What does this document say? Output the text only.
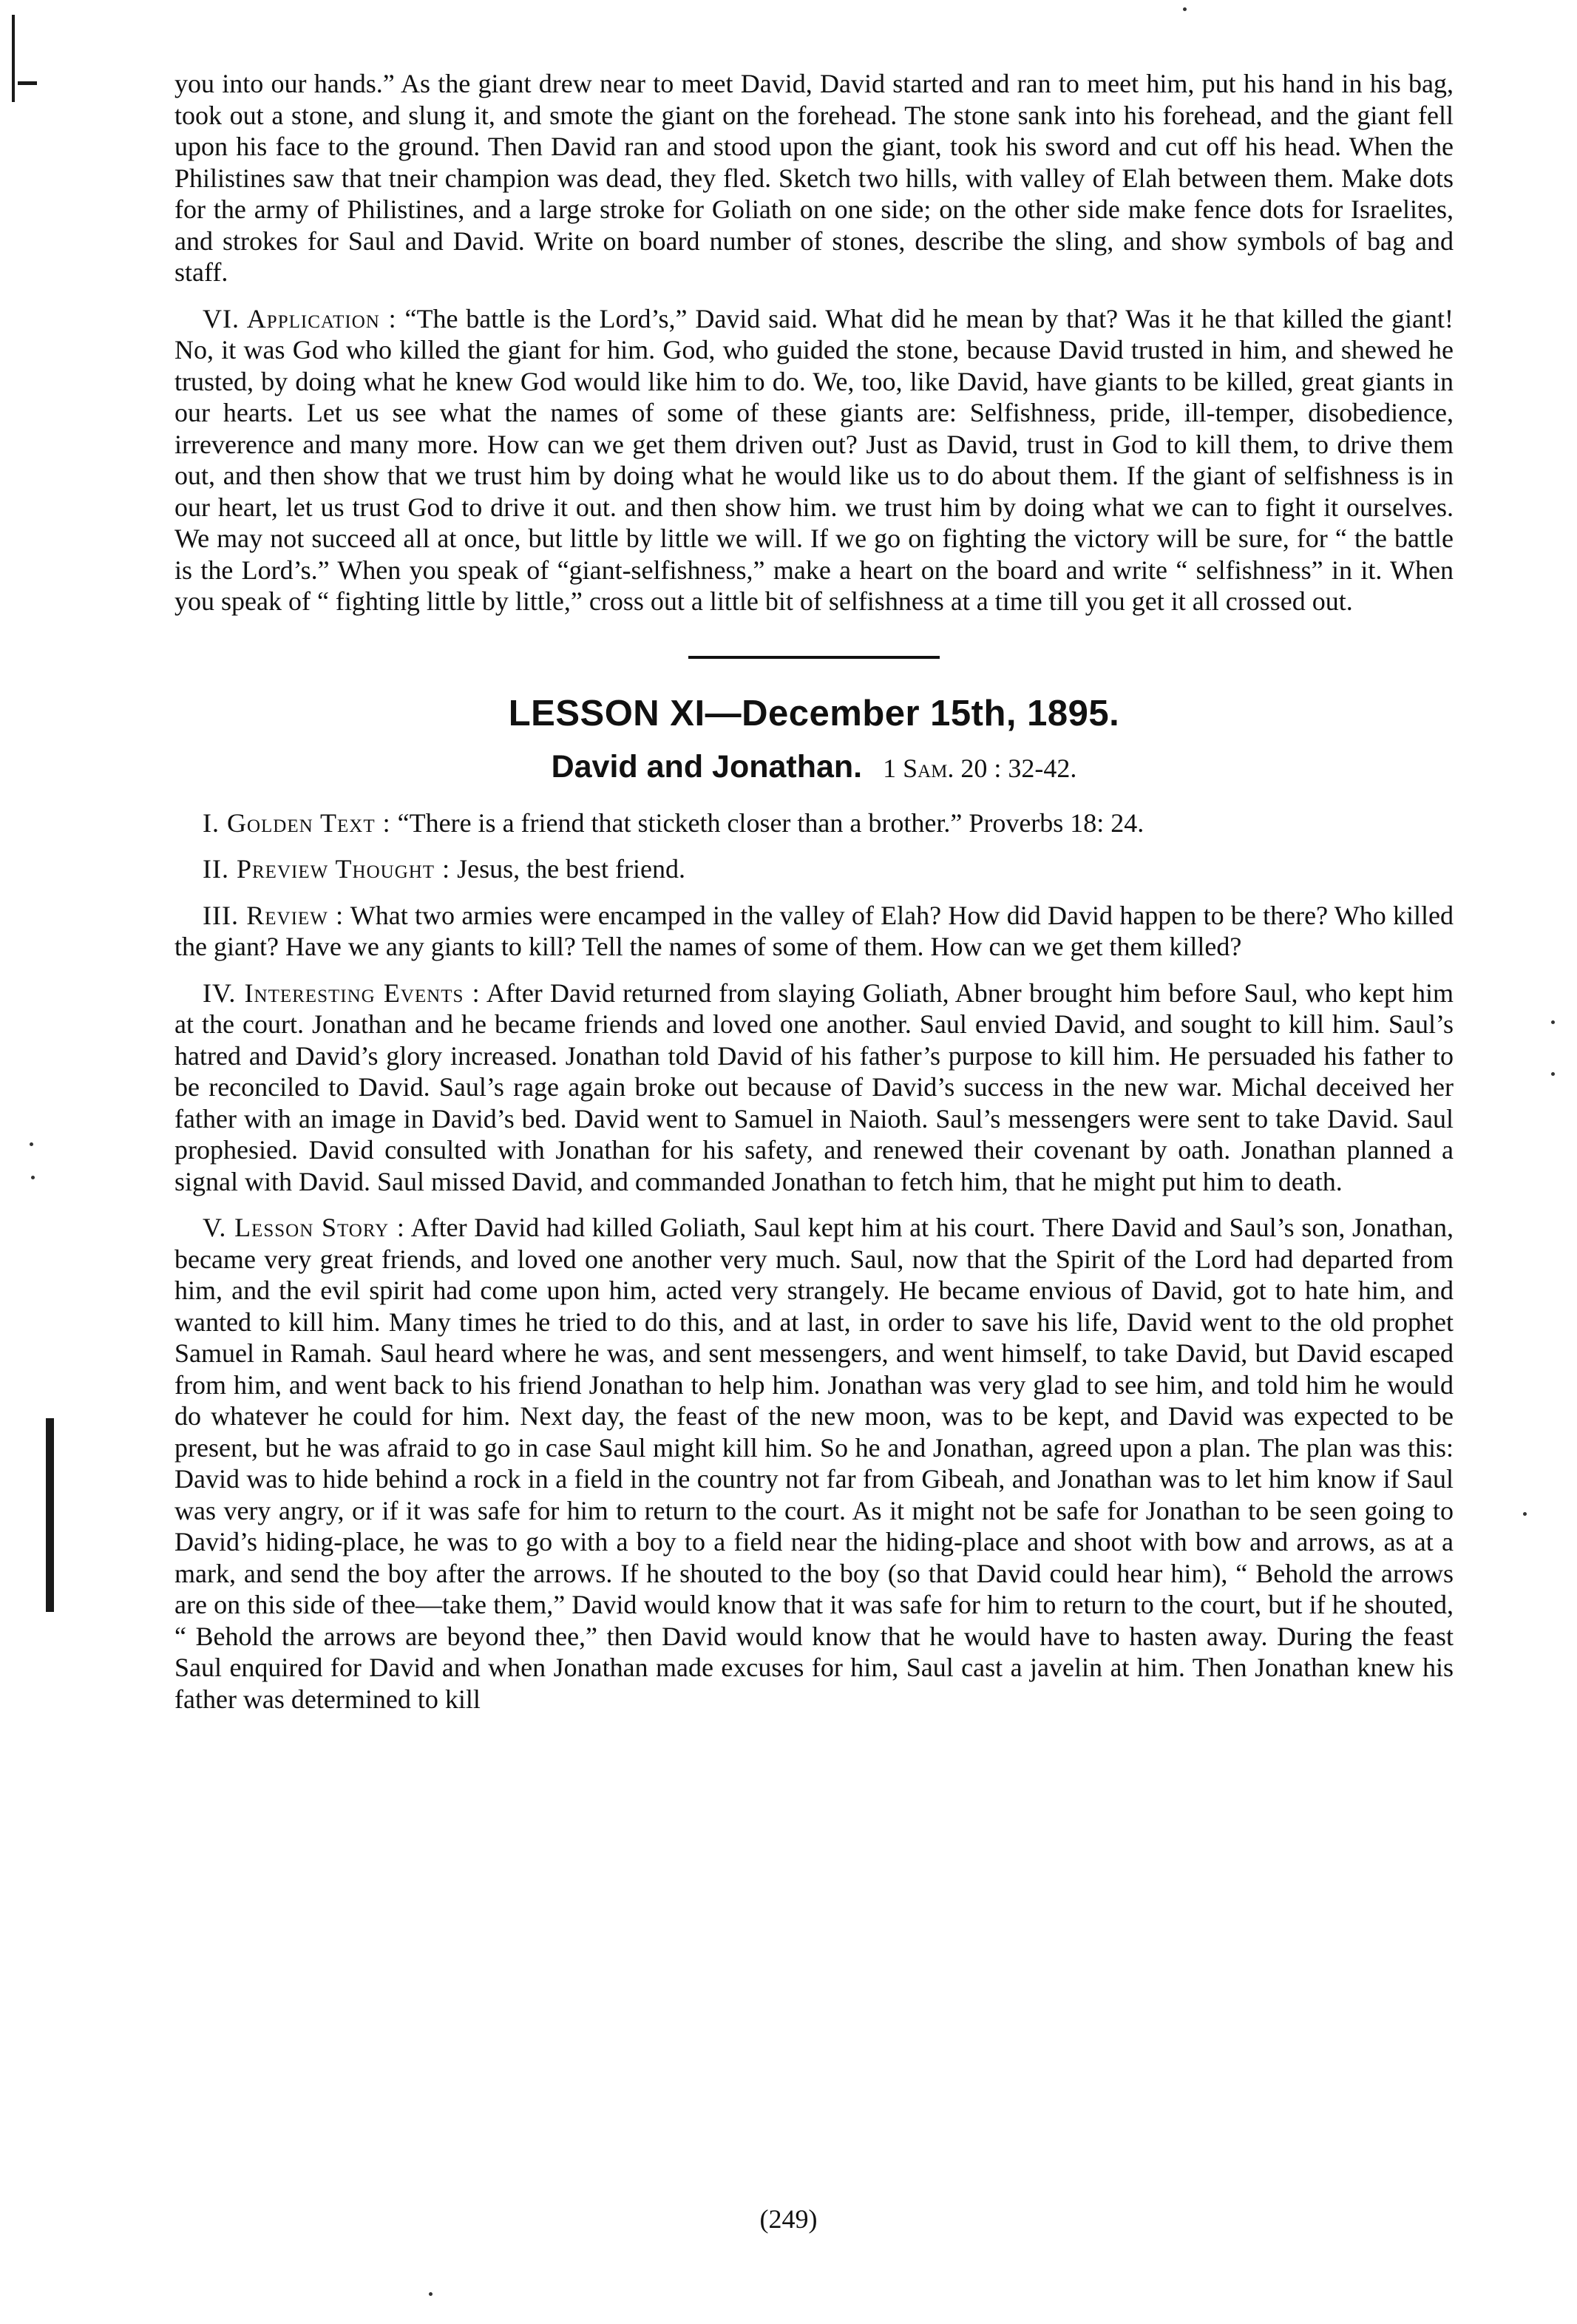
you into our hands.” As the giant drew near to meet David, David started and ran to meet him, put his hand in his bag, took out a stone, and slung it, and smote the giant on the forehead. The stone sank into his forehead, and the giant fell upon his face to the ground. Then David ran and stood upon the giant, took his sword and cut off his head. When the Philistines saw that tneir champion was dead, they fled. Sketch two hills, with valley of Elah between them. Make dots for the army of Philistines, and a large stroke for Goliath on one side; on the other side make fence dots for Israelites, and strokes for Saul and David. Write on board number of stones, describe the sling, and show symbols of bag and staff.

VI. Application : “The battle is the Lord’s,” David said. What did he mean by that? Was it he that killed the giant! No, it was God who killed the giant for him. God, who guided the stone, because David trusted in him, and shewed he trusted, by doing what he knew God would like him to do. We, too, like David, have giants to be killed, great giants in our hearts. Let us see what the names of some of these giants are: Selfishness, pride, ill-temper, disobedience, irreverence and many more. How can we get them driven out? Just as David, trust in God to kill them, to drive them out, and then show that we trust him by doing what he would like us to do about them. If the giant of selfishness is in our heart, let us trust God to drive it out. and then show him. we trust him by doing what we can to fight it ourselves. We may not succeed all at once, but little by little we will. If we go on fighting the victory will be sure, for “ the battle is the Lord’s.” When you speak of “giant-selfishness,” make a heart on the board and write “ selfishness” in it. When you speak of “ fighting little by little,” cross out a little bit of selfishness at a time till you get it all crossed out.

LESSON XI—December 15th, 1895.
David and Jonathan. 1 Sam. 20 : 32-42.

I. Golden Text : “There is a friend that sticketh closer than a brother.” Proverbs 18: 24.

II. Preview Thought : Jesus, the best friend.

III. Review : What two armies were encamped in the valley of Elah? How did David happen to be there? Who killed the giant? Have we any giants to kill? Tell the names of some of them. How can we get them killed?

IV. Interesting Events : After David returned from slaying Goliath, Abner brought him before Saul, who kept him at the court. Jonathan and he became friends and loved one another. Saul envied David, and sought to kill him. Saul’s hatred and David’s glory increased. Jonathan told David of his father’s purpose to kill him. He persuaded his father to be reconciled to David. Saul’s rage again broke out because of David’s success in the new war. Michal deceived her father with an image in David’s bed. David went to Samuel in Naioth. Saul’s messengers were sent to take David. Saul prophesied. David consulted with Jonathan for his safety, and renewed their covenant by oath. Jonathan planned a signal with David. Saul missed David, and commanded Jonathan to fetch him, that he might put him to death.

V. Lesson Story : After David had killed Goliath, Saul kept him at his court. There David and Saul’s son, Jonathan, became very great friends, and loved one another very much. Saul, now that the Spirit of the Lord had departed from him, and the evil spirit had come upon him, acted very strangely. He became envious of David, got to hate him, and wanted to kill him. Many times he tried to do this, and at last, in order to save his life, David went to the old prophet Samuel in Ramah. Saul heard where he was, and sent messengers, and went himself, to take David, but David escaped from him, and went back to his friend Jonathan to help him. Jonathan was very glad to see him, and told him he would do whatever he could for him. Next day, the feast of the new moon, was to be kept, and David was expected to be present, but he was afraid to go in case Saul might kill him. So he and Jonathan, agreed upon a plan. The plan was this: David was to hide behind a rock in a field in the country not far from Gibeah, and Jonathan was to let him know if Saul was very angry, or if it was safe for him to return to the court. As it might not be safe for Jonathan to be seen going to David’s hiding-place, he was to go with a boy to a field near the hiding-place and shoot with bow and arrows, as at a mark, and send the boy after the arrows. If he shouted to the boy (so that David could hear him), “ Behold the arrows are on this side of thee—take them,” David would know that it was safe for him to return to the court, but if he shouted, “ Behold the arrows are beyond thee,” then David would know that he would have to hasten away. During the feast Saul enquired for David and when Jonathan made excuses for him, Saul cast a javelin at him. Then Jonathan knew his father was determined to kill

(249)
